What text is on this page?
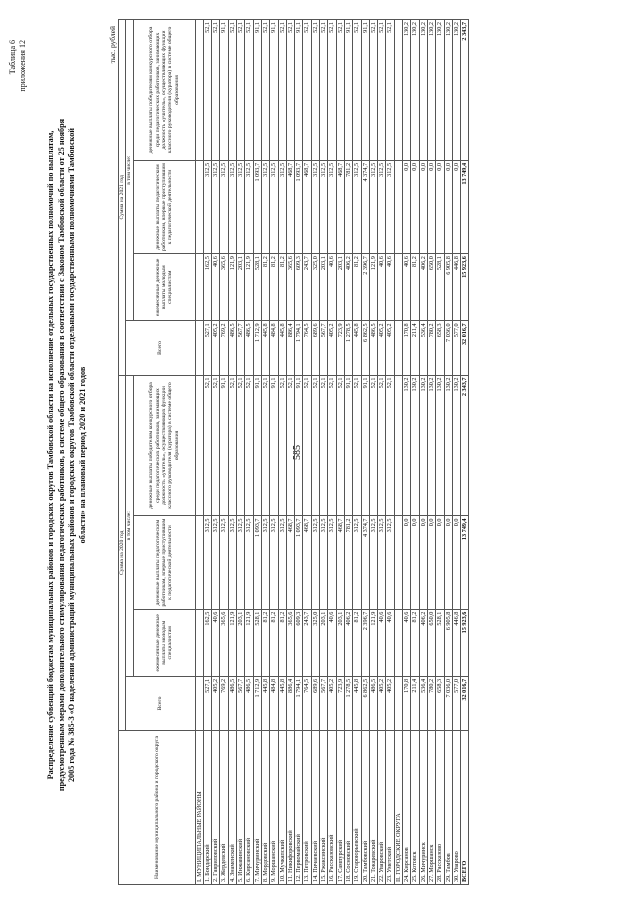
585
Таблица 6 приложения 12
Распределение субвенций бюджетам муниципальных районов и городских округов Тамбовской области на исполнение отдельных государственных полномочий по выплатам, предусмотренным мерами дополнительного стимулирования педагогических работников, в системе общего образования в соответствии с Законом Тамбовской области от 25 ноября 2005 года № 385-З «О наделении администраций муниципальных районов и городских округов Тамбовской области отдельными государственными полномочиями Тамбовской области» на плановый период 2020 и 2021 годов
тыс. рублей
Наименование муниципального района и городского округа	Сумма на 2020 год				Сумма на 2021 год			
	Всего	в том числе:			Всего	в том числе:		
		ежемесячные денежные выплаты молодым специалистам	денежные выплаты педагогическим работникам, впервые приступившим к педагогической деятельности	денежные выплаты победителям конкурсного отбора среди педагогических работников, занимающих должность «учитель», осуществляющих функции классного руководителя (куратора) в системе общего образования		ежемесячные денежные выплаты молодым специалистам	денежные выплаты педагогическим работникам, впервые приступившим к педагогической деятельности	денежные выплаты победителям конкурсного отбора среди педагогических работников, занимающих должность «учитель», осуществляющих функции классного руководителя (куратора) в системе общего образования
I. МУНИЦИПАЛЬНЫЕ РАЙОНЫ								
1. Бондарский	527,1	162,5	312,5	52,1	527,1	162,5	312,5	52,1
2. Гавриловский	405,2	40,6	312,5	52,1	405,2	40,6	312,5	52,1
3. Жердевский	769,2	365,6	312,5	91,1	769,2	365,6	312,5	91,1
4. Знаменский	486,5	121,9	312,5	52,1	486,5	121,9	312,5	52,1
5. Инжавинский	567,7	203,1	312,5	52,1	567,7	203,1	312,5	52,1
6. Кирсановский	486,5	121,9	312,5	52,1	486,5	121,9	312,5	52,1
7. Мичуринский	1 712,9	528,1	1 093,7	91,1	1 712,9	528,1	1 093,7	91,1
8. Мордовский	445,8	81,2	312,5	52,1	445,8	81,2	312,5	52,1
9. Моршанский	484,8	81,2	312,5	91,1	484,8	81,2	312,5	91,1
10. Мучкапский	445,8	81,2	312,5	52,1	445,8	81,2	312,5	52,1
11. Никифоровский	886,4	365,6	468,7	52,1	886,4	365,6	468,7	52,1
12. Первомайский	1 794,1	609,3	1 093,7	91,1	1 794,1	609,3	1 093,7	91,1
13. Петровский	764,5	243,7	468,7	52,1	764,5	243,7	468,7	52,1
14. Пичаевский	689,6	325,0	312,5	52,1	689,6	325,0	312,5	52,1
15. Ржаксинский	567,7	203,1	312,5	52,1	567,7	203,1	312,5	52,1
16. Рассказовский	405,2	40,6	312,5	52,1	405,2	40,6	312,5	52,1
17. Сампурский	723,9	203,1	468,7	52,1	723,9	203,1	468,7	52,1
18. Сосновский	1 278,5	406,2	781,2	91,1	1 278,5	406,2	781,2	91,1
19. Староюрьевский	445,8	81,2	312,5	52,1	445,8	81,2	312,5	52,1
20. Тамбовский	6 862,5	2 396,7	4 374,7	91,1	6 862,5	2 396,7	4 374,7	91,1
21. Токаревский	486,5	121,9	312,5	52,1	486,5	121,9	312,5	52,1
22. Уваровский	405,2	40,6	312,5	52,1	405,2	40,6	312,5	52,1
23. Уметский	405,2	40,6	312,5	52,1	405,2	40,6	312,5	52,1
II. ГОРОДСКИЕ ОКРУГА								
24. Кирсанов	170,8	40,6	0,0	130,2	170,8	40,6	0,0	130,2
25. Котовск	211,4	81,2	0,0	130,2	211,4	81,2	0,0	130,2
26. Мичуринск	536,4	406,2	0,0	130,2	536,4	406,2	0,0	130,2
27. Моршанск	780,2	650,0	0,0	130,2	780,2	650,0	0,0	130,2
28. Рассказово	658,3	528,1	0,0	130,2	658,3	528,1	0,0	130,2
29. Тамбов	7 036,0	6 905,8	0,0	130,2	7 036,0	6 905,8	0,0	130,2
30. Уварово	577,0	446,8	0,0	130,2	577,0	446,8	0,0	130,2
ВСЕГО	32 016,7	15 923,6	13 749,4	2 343,7	32 016,7	15 923,6	13 749,4	2 343,7
